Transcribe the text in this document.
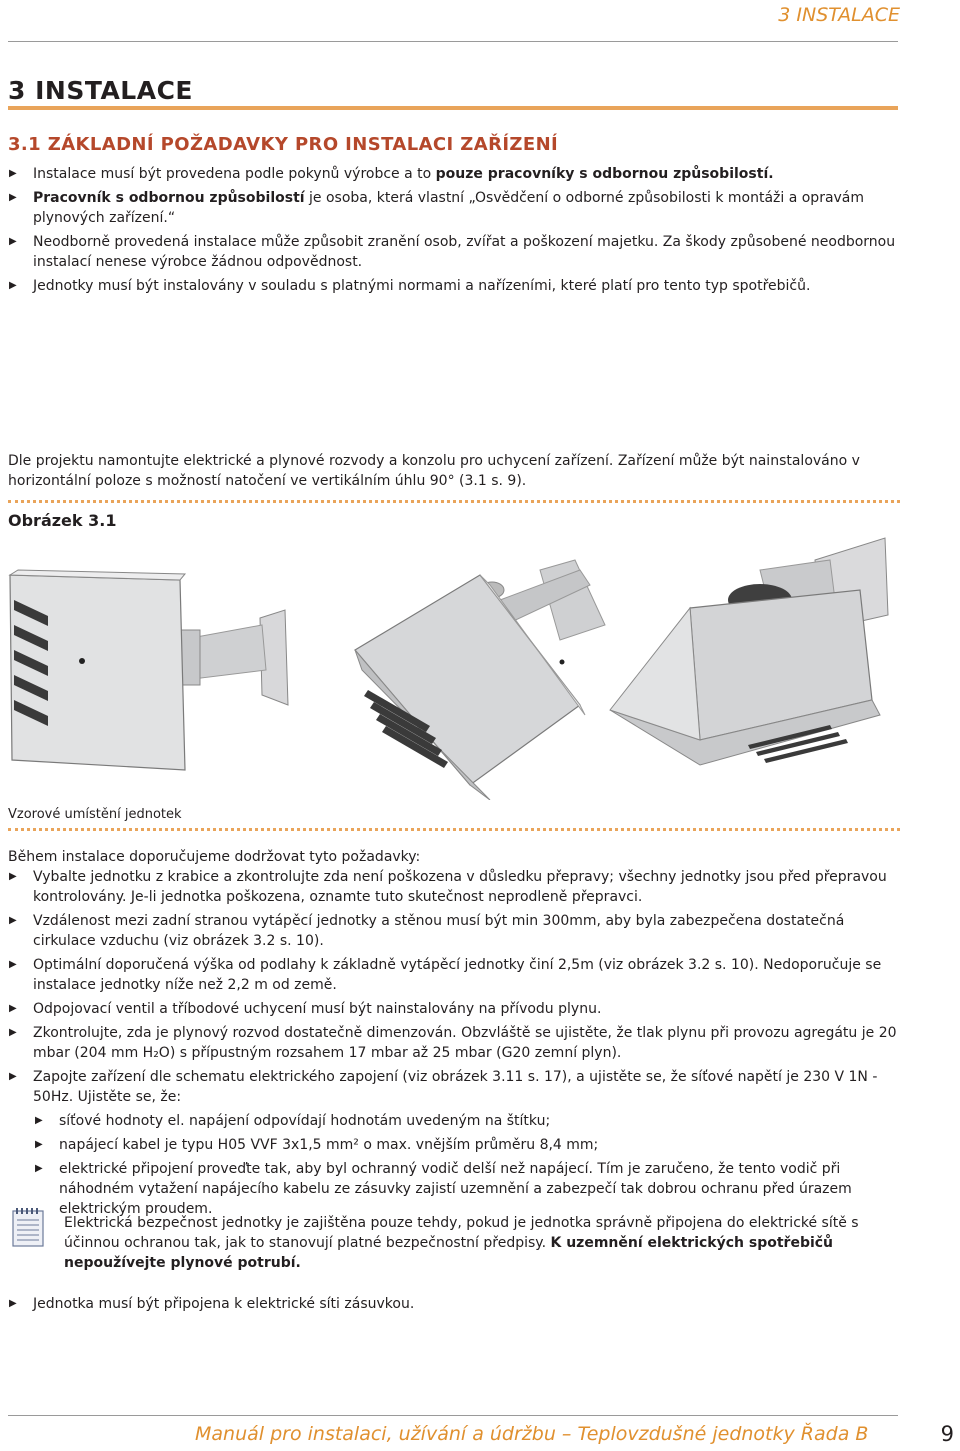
3 INSTALACE
3 INSTALACE
3.1 ZÁKLADNÍ POŽADAVKY PRO INSTALACI ZAŘÍZENÍ
▶ Instalace musí být provedena podle pokynů výrobce a to pouze pracovníky s odbornou způsobilostí.
▶ Pracovník s odbornou způsobilostí je osoba, která vlastní „Osvědčení o odborné způsobilosti k montáži a opravám plynových zařízení.“
▶ Neodborně provedená instalace může způsobit zranění osob, zvířat a poškození majetku. Za škody způsobené neodbornou instalací nenese výrobce žádnou odpovědnost.
▶ Jednotky musí být instalovány v souladu s platnými normami a nařízeními, které platí pro tento typ spotřebičů.
Dle projektu namontujte elektrické a plynové rozvody a konzolu pro uchycení zařízení. Zařízení může být nainstalováno v horizontální poloze s možností natočení ve vertikálním úhlu 90° (3.1 s. 9).
Obrázek 3.1
Vzorové umístění jednotek
Během instalace doporučujeme dodržovat tyto požadavky:
▶ Vybalte jednotku z krabice a zkontrolujte zda není poškozena v důsledku přepravy; všechny jednotky jsou před přepravou kontrolovány. Je-li jednotka poškozena, oznamte tuto skutečnost neprodleně přepravci.
▶ Vzdálenost mezi zadní stranou vytápěcí jednotky a stěnou musí být min 300mm, aby byla zabezpečena dostatečná cirkulace vzduchu (viz obrázek 3.2 s. 10).
▶ Optimální doporučená výška od podlahy k základně vytápěcí jednotky činí 2,5m (viz obrázek 3.2 s. 10). Nedoporučuje se instalace jednotky níže než 2,2 m od země.
▶ Odpojovací ventil a tříbodové uchycení musí být nainstalovány na přívodu plynu.
▶ Zkontrolujte, zda je plynový rozvod dostatečně dimenzován. Obzvláště se ujistěte, že tlak plynu při provozu agregátu je 20 mbar (204 mm H₂O) s přípustným rozsahem 17 mbar až 25 mbar (G20 zemní plyn).
▶ Zapojte zařízení dle schematu elektrického zapojení (viz obrázek 3.11 s. 17), a ujistěte se, že síťové napětí je 230 V 1N - 50Hz. Ujistěte se, že:
▶ síťové hodnoty el. napájení odpovídají hodnotám uvedeným na štítku;
▶ napájecí kabel je typu H05 VVF 3x1,5 mm² o max. vnějším průměru 8,4 mm;
▶ elektrické připojení proveďte tak, aby byl ochranný vodič delší než napájecí. Tím je zaručeno, že tento vodič při náhodném vytažení napájecího kabelu ze zásuvky zajistí uzemnění a zabezpečí tak dobrou ochranu před úrazem elektrickým proudem.
Elektrická bezpečnost jednotky je zajištěna pouze tehdy, pokud je jednotka správně připojena do elektrické sítě s účinnou ochranou tak, jak to stanovují platné bezpečnostní předpisy. K uzemnění elektrických spotřebičů nepoužívejte plynové potrubí.
▶ Jednotka musí být připojena k elektrické síti zásuvkou.
Manuál pro instalaci, užívání a údržbu – Teplovzdušné jednotky Řada B	9
